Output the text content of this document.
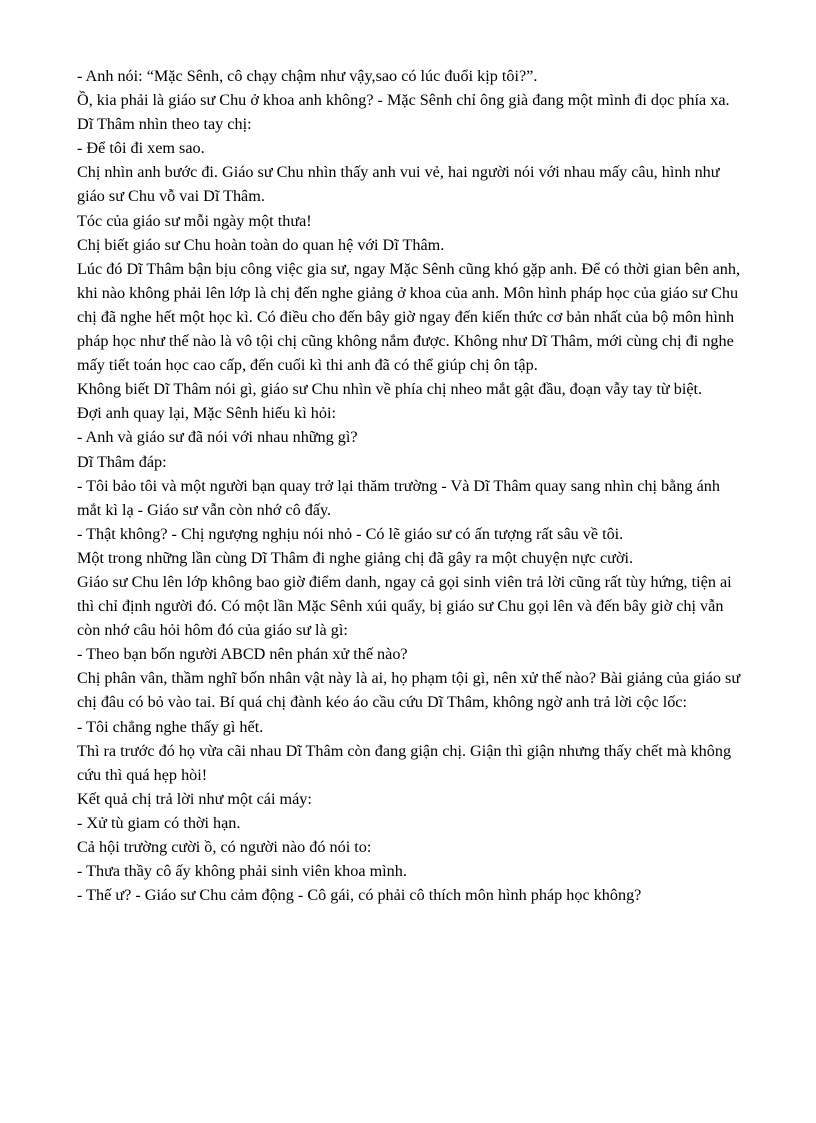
- Anh nói: “Mặc Sênh, cô chạy chậm như vậy,sao có lúc đuổi kịp tôi?”.
Ồ, kia phải là giáo sư Chu ở khoa anh không? - Mặc Sênh chỉ ông già đang một mình đi dọc phía xa.
Dĩ Thâm nhìn theo tay chị:
- Để tôi đi xem sao.
Chị nhìn anh bước đi. Giáo sư Chu nhìn thấy anh vui vẻ, hai người nói với nhau mấy câu, hình như
giáo sư Chu vỗ vai Dĩ Thâm.
Tóc của giáo sư mỗi ngày một thưa!
Chị biết giáo sư Chu hoàn toàn do quan hệ với Dĩ Thâm.
Lúc đó Dĩ Thâm bận bịu công việc gia sư, ngay Mặc Sênh cũng khó gặp anh. Để có thời gian bên anh,
khi nào không phải lên lớp là chị đến nghe giảng ở khoa của anh. Môn hình pháp học của giáo sư Chu
chị đã nghe hết một học kì. Có điều cho đến bây giờ ngay đến kiến thức cơ bản nhất của bộ môn hình
pháp học như thế nào là vô tội chị cũng không nắm được. Không như Dĩ Thâm, mới cùng chị đi nghe
mấy tiết toán học cao cấp, đến cuối kì thi anh đã có thể giúp chị ôn tập.
Không biết Dĩ Thâm nói gì, giáo sư Chu nhìn về phía chị nheo mắt gật đầu, đoạn vẫy tay từ biệt.
Đợi anh quay lại, Mặc Sênh hiếu kì hỏi:
- Anh và giáo sư đã nói với nhau những gì?
Dĩ Thâm đáp:
- Tôi bảo tôi và một người bạn quay trở lại thăm trường - Và Dĩ Thâm quay sang nhìn chị bằng ánh
mắt kì lạ - Giáo sư vẫn còn nhớ cô đấy.
- Thật không? - Chị ngượng nghịu nói nhỏ - Có lẽ giáo sư có ấn tượng rất sâu về tôi.
Một trong những lần cùng Dĩ Thâm đi nghe giảng chị đã gây ra một chuyện nực cười.
Giáo sư Chu lên lớp không bao giờ điểm danh, ngay cả gọi sinh viên trả lời cũng rất tùy hứng, tiện ai
thì chỉ định người đó. Có một lần Mặc Sênh xúi quẩy, bị giáo sư Chu gọi lên và đến bây giờ chị vẫn
còn nhớ câu hỏi hôm đó của giáo sư là gì:
- Theo bạn bốn người ABCD nên phán xử thế nào?
Chị phân vân, thầm nghĩ bốn nhân vật này là ai, họ phạm tội gì, nên xử thế nào? Bài giảng của giáo sư
chị đâu có bỏ vào tai. Bí quá chị đành kéo áo cầu cứu Dĩ Thâm, không ngờ anh trả lời cộc lốc:
- Tôi chẳng nghe thấy gì hết.
Thì ra trước đó họ vừa cãi nhau Dĩ Thâm còn đang giận chị. Giận thì giận nhưng thấy chết mà không
cứu thì quá hẹp hòi!
Kết quả chị trả lời như một cái máy:
- Xử tù giam có thời hạn.
Cả hội trường cười ồ, có người nào đó nói to:
- Thưa thầy cô ấy không phải sinh viên khoa mình.
- Thế ư? - Giáo sư Chu cảm động - Cô gái, có phải cô thích môn hình pháp học không?
